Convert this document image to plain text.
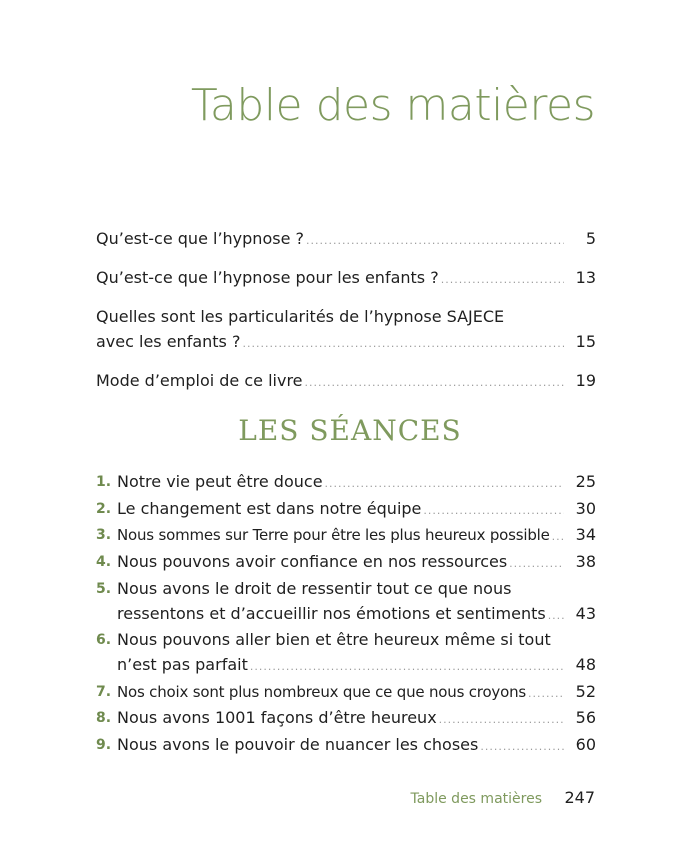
Table des matières
Qu’est-ce que l’hypnose ? .....	5
Qu’est-ce que l’hypnose pour les enfants ? .....	13
Quelles sont les particularités de l’hypnose SAJECE
avec les enfants ? .....	15
Mode d’emploi de ce livre .....	19
LES SÉANCES
1. Notre vie peut être douce .....	25
2. Le changement est dans notre équipe .....	30
3. Nous sommes sur Terre pour être les plus heureux possible .....	34
4. Nous pouvons avoir confiance en nos ressources .....	38
5. Nous avons le droit de ressentir tout ce que nous
ressentons et d’accueillir nos émotions et sentiments .....	43
6. Nous pouvons aller bien et être heureux même si tout
n’est pas parfait .....	48
7. Nos choix sont plus nombreux que ce que nous croyons .....	52
8. Nous avons 1001 façons d’être heureux .....	56
9. Nous avons le pouvoir de nuancer les choses .....	60
Table des matières 247
